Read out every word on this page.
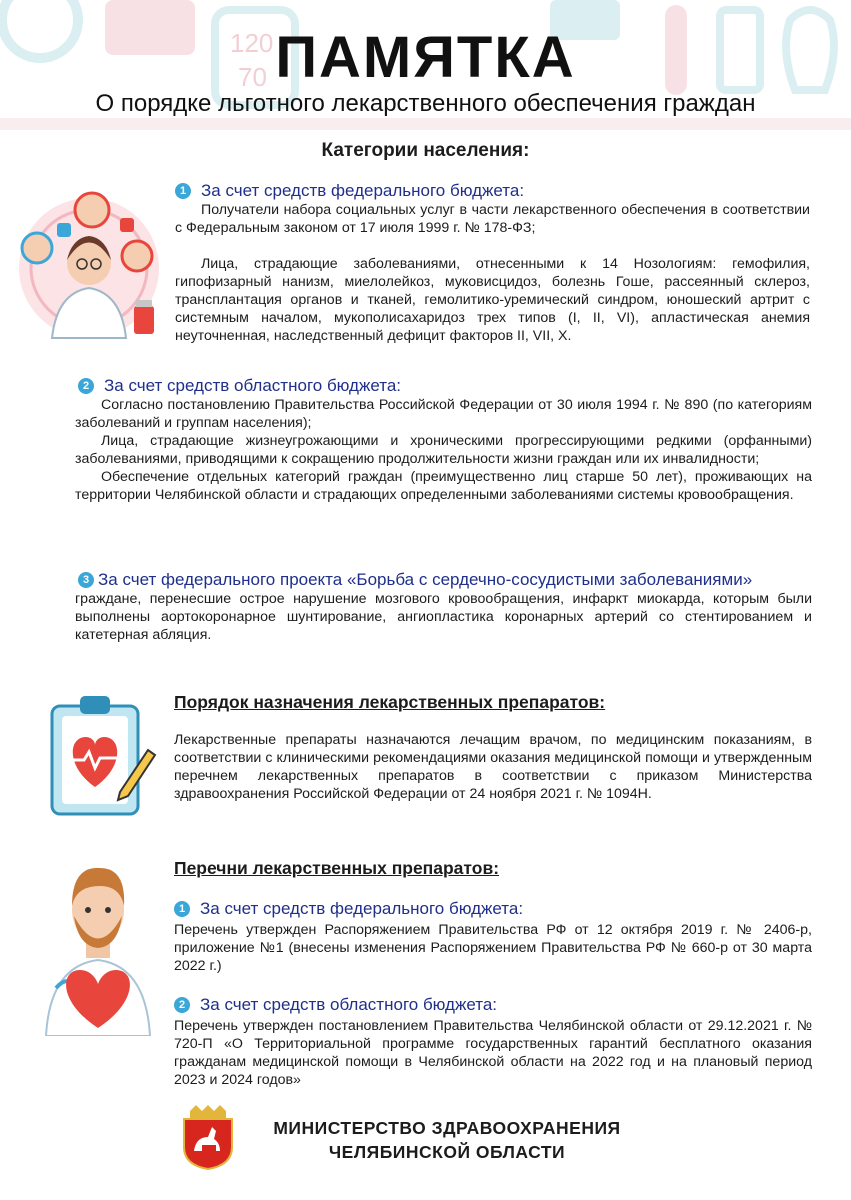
120
70 ПАМЯТКА
О порядке льготного лекарственного обеспечения граждан
Категории населения:
1 За счет средств федерального бюджета:

Получатели набора социальных услуг в части лекарственного обеспечения в соответствии с Федеральным законом от 17 июля 1999 г. № 178-ФЗ;

Лица, страдающие заболеваниями, отнесенными к 14 Нозологиям: гемофилия, гипофизарный нанизм, миелолейкоз, муковисцидоз, болезнь Гоше, рассеянный склероз, трансплантация органов и тканей, гемолитико-уремический синдром, юношеский артрит с системным началом, мукополисахаридоз трех типов (I, II, VI), апластическая анемия неуточненная, наследственный дефицит факторов II, VII, X.

2 За счет средств областного бюджета:

Согласно постановлению Правительства Российской Федерации от 30 июля 1994 г. № 890 (по категориям заболеваний и группам населения);

Лица, страдающие жизнеугрожающими и хроническими прогрессирующими редкими (орфанными) заболеваниями, приводящими к сокращению продолжительности жизни граждан или их инвалидности;

Обеспечение отдельных категорий граждан (преимущественно лиц старше 50 лет), проживающих на территории Челябинской области и страдающих определенными заболеваниями системы кровообращения.

3 За счет федерального проекта «Борьба с сердечно-сосудистыми заболеваниями»
граждане, перенесшие острое нарушение мозгового кровообращения, инфаркт миокарда, которым были выполнены аортокоронарное шунтирование, ангиопластика коронарных артерий со стентированием и катетерная абляция.
Порядок назначения лекарственных препаратов:
Лекарственные препараты назначаются лечащим врачом, по медицинским показаниям, в соответствии с клиническими рекомендациями оказания медицинской помощи и утвержденным перечнем лекарственных препаратов в соответствии с приказом Министерства здравоохранения Российской Федерации от 24 ноября 2021 г. № 1094Н.
Перечни лекарственных препаратов:
1 За счет средств федерального бюджета:
Перечень утвержден Распоряжением Правительства РФ от 12 октября 2019 г. № 2406-р, приложение №1 (внесены изменения Распоряжением Правительства РФ № 660-р от 30 марта 2022 г.)
2 За счет средств областного бюджета:
Перечень утвержден постановлением Правительства Челябинской области от 29.12.2021 г. № 720-П «О Территориальной программе государственных гарантий бесплатного оказания гражданам медицинской помощи в Челябинской области на 2022 год и на плановый период 2023 и 2024 годов»
МИНИСТЕРСТВО ЗДРАВООХРАНЕНИЯ
ЧЕЛЯБИНСКОЙ ОБЛАСТИ
